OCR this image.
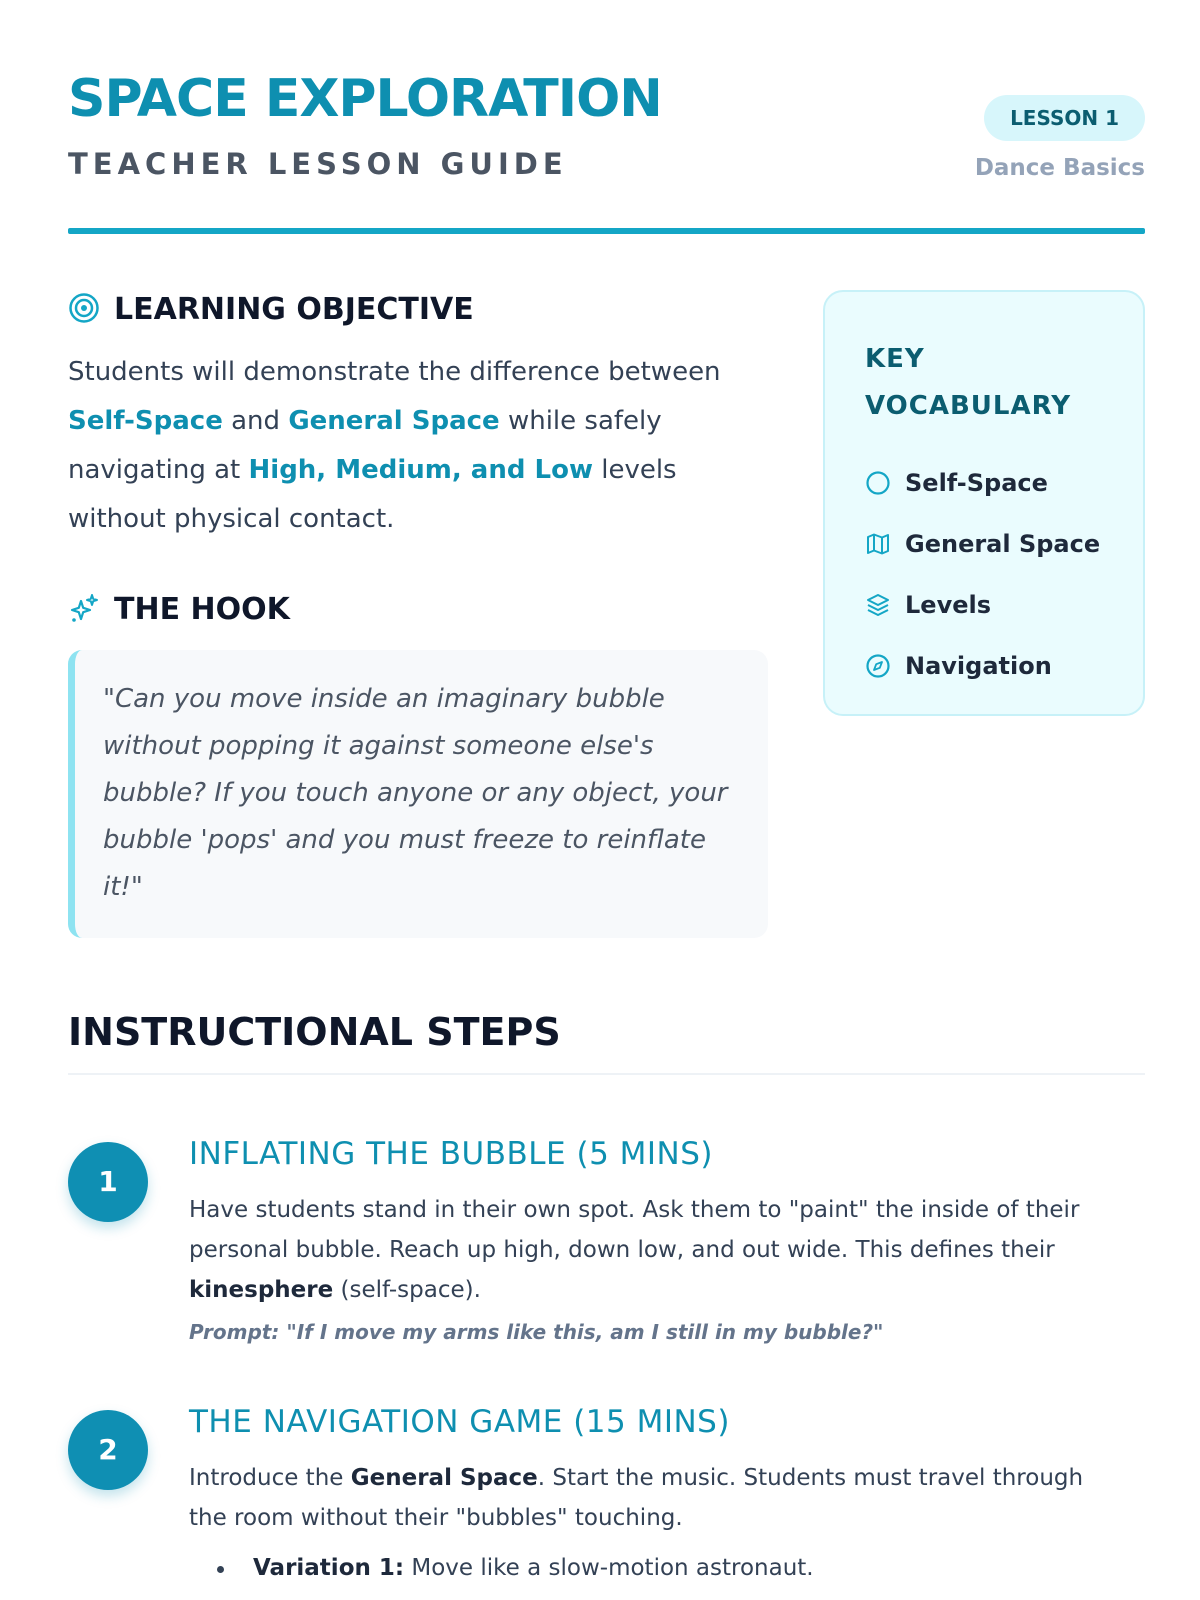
SPACE EXPLORATION
TEACHER LESSON GUIDE
LESSON 1
Dance Basics
LEARNING OBJECTIVE

Students will demonstrate the difference between Self-Space and General Space while safely navigating at High, Medium, and Low levels without physical contact.

THE HOOK

"Can you move inside an imaginary bubble without popping it against someone else's bubble? If you touch anyone or any object, your bubble 'pops' and you must freeze to reinflate it!"

KEY VOCABULARY
Self-Space
General Space
Levels
Navigation
INSTRUCTIONAL STEPS
1
INFLATING THE BUBBLE (5 MINS)

Have students stand in their own spot. Ask them to "paint" the inside of their personal bubble. Reach up high, down low, and out wide. This defines their kinesphere (self-space).

Prompt: "If I move my arms like this, am I still in my bubble?"

2
THE NAVIGATION GAME (15 MINS)

Introduce the General Space. Start the music. Students must travel through the room without their "bubbles" touching.

Variation 1: Move like a slow-motion astronaut.
